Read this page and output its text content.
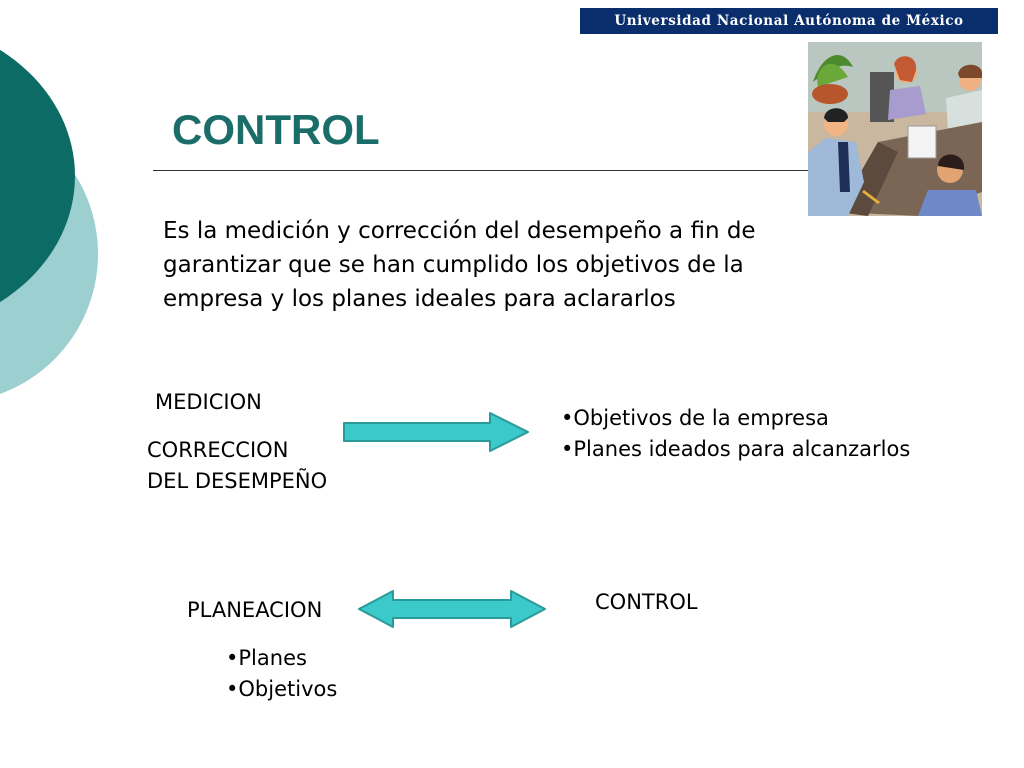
Universidad Nacional Autónoma de México
CONTROL
Es la medición y corrección del desempeño a fin de garantizar que se han cumplido los objetivos de la empresa y los planes ideales para aclararlos
MEDICION
CORRECCION
DEL DESEMPEÑO
•Objetivos de la empresa
•Planes ideados para alcanzarlos
PLANEACION	CONTROL
•Planes
•Objetivos
